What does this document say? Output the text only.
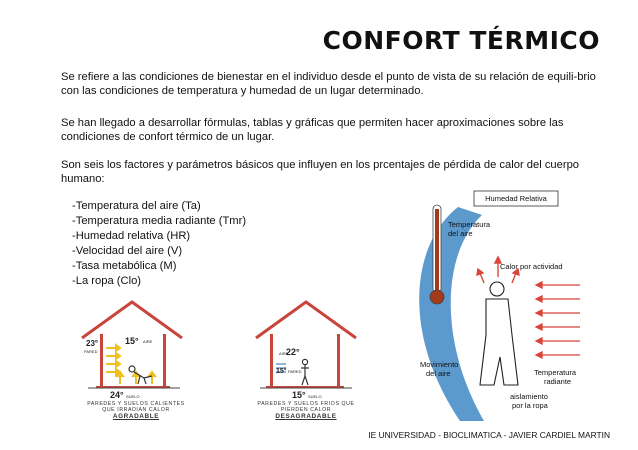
CONFORT TÉRMICO

Se refiere a las condiciones de bienestar en el individuo desde el punto de vista de su relación de equili-brio con las condiciones de temperatura y humedad de un lugar determinado.

Se han llegado a desarrollar fórmulas, tablas y gráficas que permiten hacer aproximaciones sobre las condiciones de confort térmico de un lugar.

Son seis los factores y parámetros básicos que influyen en los prcentajes de pérdida de calor del cuerpo humano:

-Temperatura del aire (Ta)
-Temperatura media radiante (Tmr)
-Humedad relativa (HR)
-Velocidad del aire (V)
-Tasa metabólica (M)
-La ropa (Clo)
23°
PARED
15° AIRE
24° SUELO
PAREDES Y SUELOS CALIENTES QUE IRRADIAN CALOR
AGRADABLE
AIRE
22°
15° PARED
15° SUELO
PAREDES Y SUELOS FRIOS QUE PIERDEN CALOR
DESAGRADABLE
Humedad Relativa
Temperatura
del aire
Calor por actividad
Temperatura
radiante
Movimiento
del aire
aislamiento
por la ropa
IE UNIVERSIDAD - BIOCLIMATICA - JAVIER CARDIEL MARTIN
